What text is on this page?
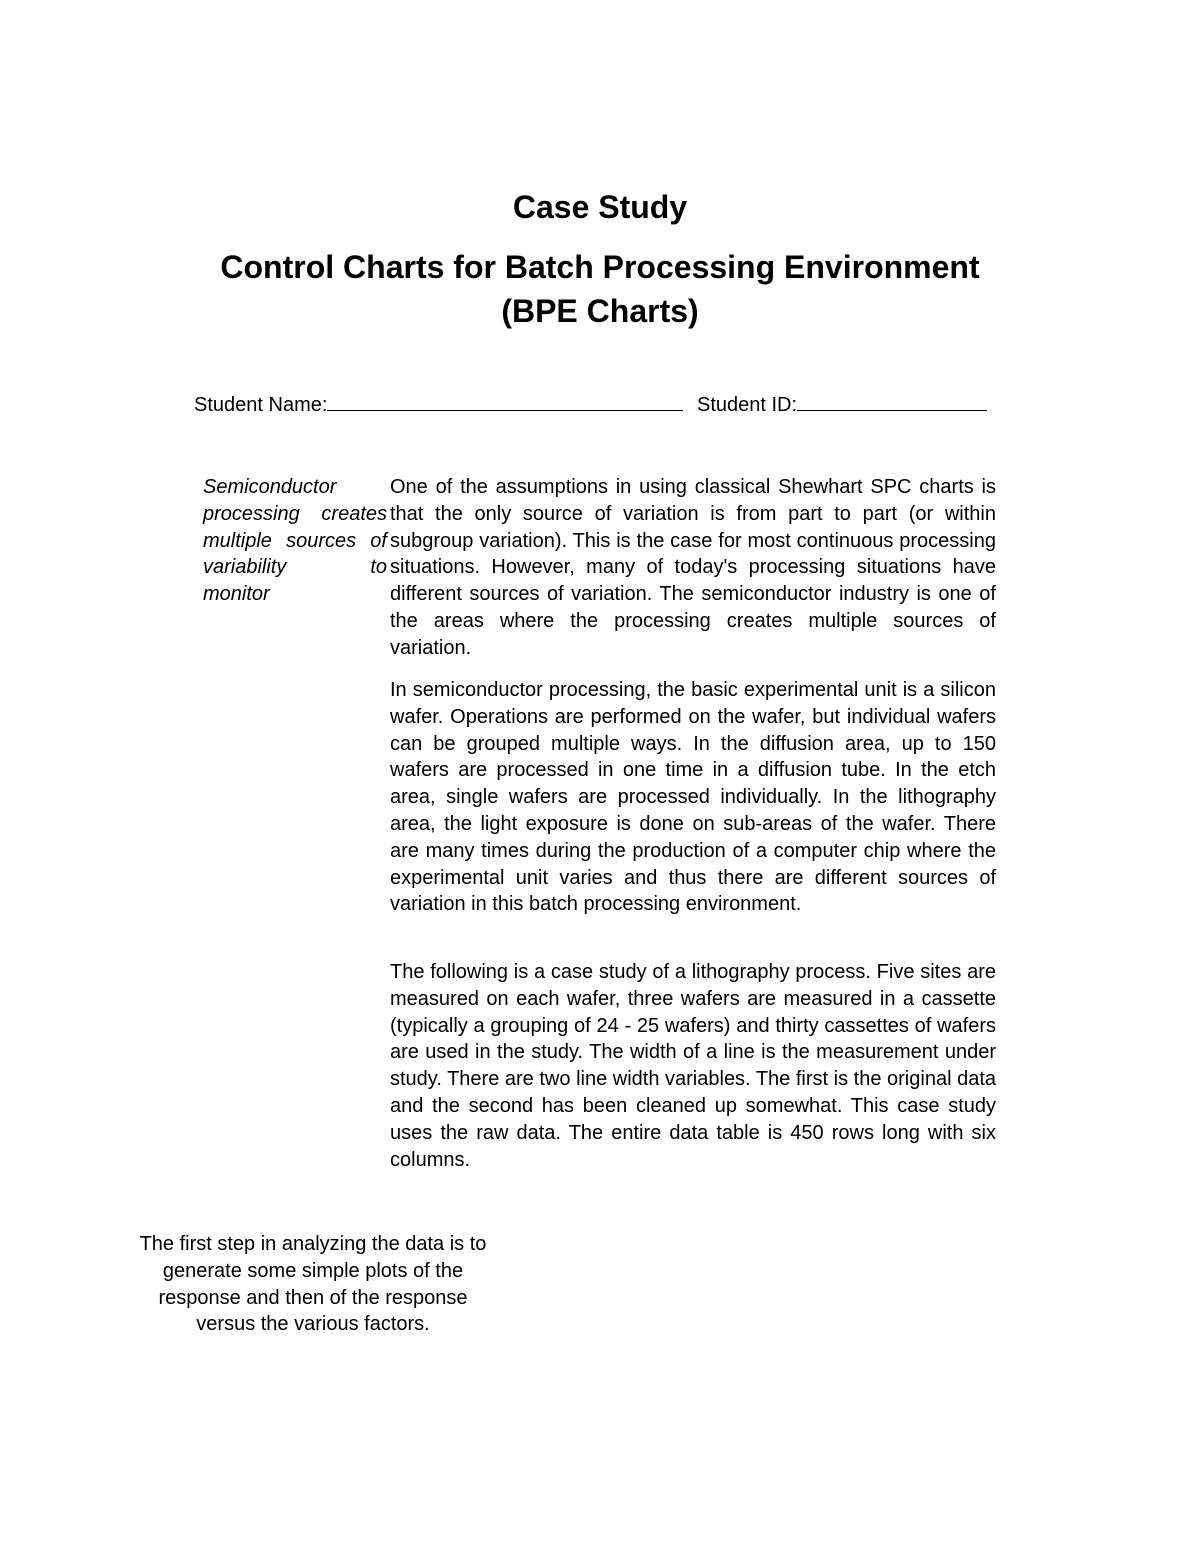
Case Study
Control Charts for Batch Processing Environment
(BPE Charts)
Student Name:	Student ID:
Semiconductor
processing creates
multiple sources of
variability	to
monitor

One of the assumptions in using classical Shewhart SPC charts is that the only source of variation is from part to part (or within subgroup variation). This is the case for most continuous processing situations. However, many of today's processing situations have different sources of variation. The semiconductor industry is one of the areas where the processing creates multiple sources of variation.

In semiconductor processing, the basic experimental unit is a silicon wafer. Operations are performed on the wafer, but individual wafers can be grouped multiple ways. In the diffusion area, up to 150 wafers are processed in one time in a diffusion tube. In the etch area, single wafers are processed individually. In the lithography area, the light exposure is done on sub-areas of the wafer. There are many times during the production of a computer chip where the experimental unit varies and thus there are different sources of variation in this batch processing environment.

The following is a case study of a lithography process. Five sites are measured on each wafer, three wafers are measured in a cassette (typically a grouping of 24 - 25 wafers) and thirty cassettes of wafers are used in the study. The width of a line is the measurement under study. There are two line width variables. The first is the original data and the second has been cleaned up somewhat. This case study uses the raw data. The entire data table is 450 rows long with six columns.

The first step in analyzing the data is to generate some simple plots of the response and then of the response versus the various factors.
